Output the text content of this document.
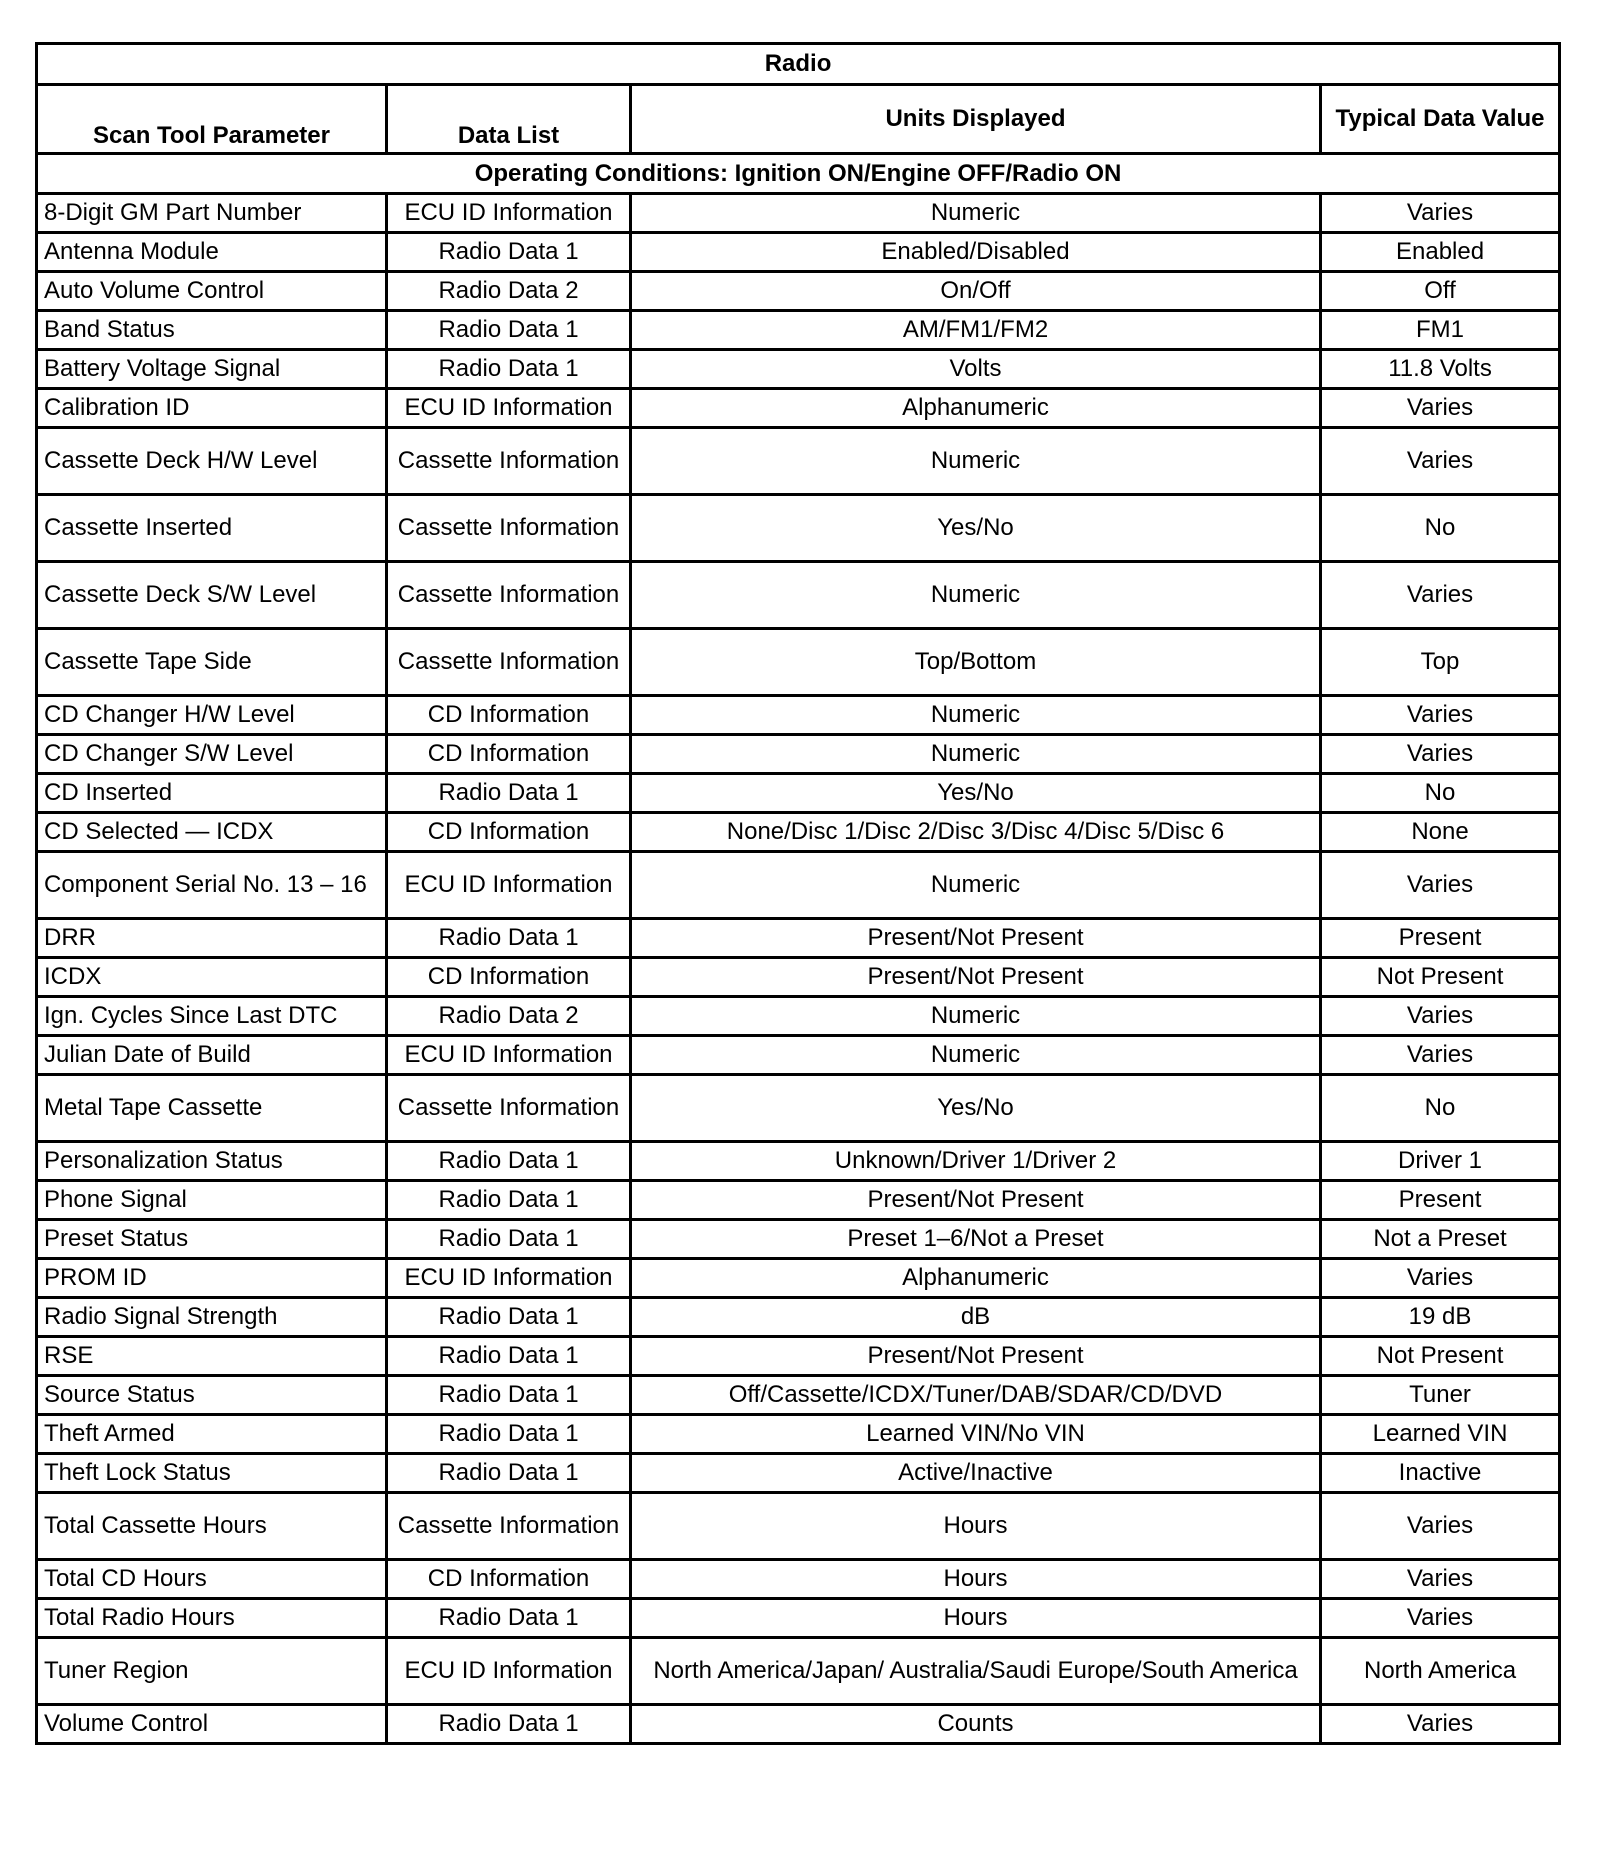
Radio			
Scan Tool Parameter	Data List	Units Displayed	Typical Data Value
Operating Conditions: Ignition ON/Engine OFF/Radio ON			
8-Digit GM Part Number	ECU ID Information	Numeric	Varies
Antenna Module	Radio Data 1	Enabled/Disabled	Enabled
Auto Volume Control	Radio Data 2	On/Off	Off
Band Status	Radio Data 1	AM/FM1/FM2	FM1
Battery Voltage Signal	Radio Data 1	Volts	11.8 Volts
Calibration ID	ECU ID Information	Alphanumeric	Varies
Cassette Deck H/W Level	Cassette Information	Numeric	Varies
Cassette Inserted	Cassette Information	Yes/No	No
Cassette Deck S/W Level	Cassette Information	Numeric	Varies
Cassette Tape Side	Cassette Information	Top/Bottom	Top
CD Changer H/W Level	CD Information	Numeric	Varies
CD Changer S/W Level	CD Information	Numeric	Varies
CD Inserted	Radio Data 1	Yes/No	No
CD Selected — ICDX	CD Information	None/Disc 1/Disc 2/Disc 3/Disc 4/Disc 5/Disc 6	None
Component Serial No. 13 – 16	ECU ID Information	Numeric	Varies
DRR	Radio Data 1	Present/Not Present	Present
ICDX	CD Information	Present/Not Present	Not Present
Ign. Cycles Since Last DTC	Radio Data 2	Numeric	Varies
Julian Date of Build	ECU ID Information	Numeric	Varies
Metal Tape Cassette	Cassette Information	Yes/No	No
Personalization Status	Radio Data 1	Unknown/Driver 1/Driver 2	Driver 1
Phone Signal	Radio Data 1	Present/Not Present	Present
Preset Status	Radio Data 1	Preset 1–6/Not a Preset	Not a Preset
PROM ID	ECU ID Information	Alphanumeric	Varies
Radio Signal Strength	Radio Data 1	dB	19 dB
RSE	Radio Data 1	Present/Not Present	Not Present
Source Status	Radio Data 1	Off/Cassette/ICDX/Tuner/DAB/SDAR/CD/DVD	Tuner
Theft Armed	Radio Data 1	Learned VIN/No VIN	Learned VIN
Theft Lock Status	Radio Data 1	Active/Inactive	Inactive
Total Cassette Hours	Cassette Information	Hours	Varies
Total CD Hours	CD Information	Hours	Varies
Total Radio Hours	Radio Data 1	Hours	Varies
Tuner Region	ECU ID Information	North America/Japan/ Australia/Saudi Europe/South America	North America
Volume Control	Radio Data 1	Counts	Varies
